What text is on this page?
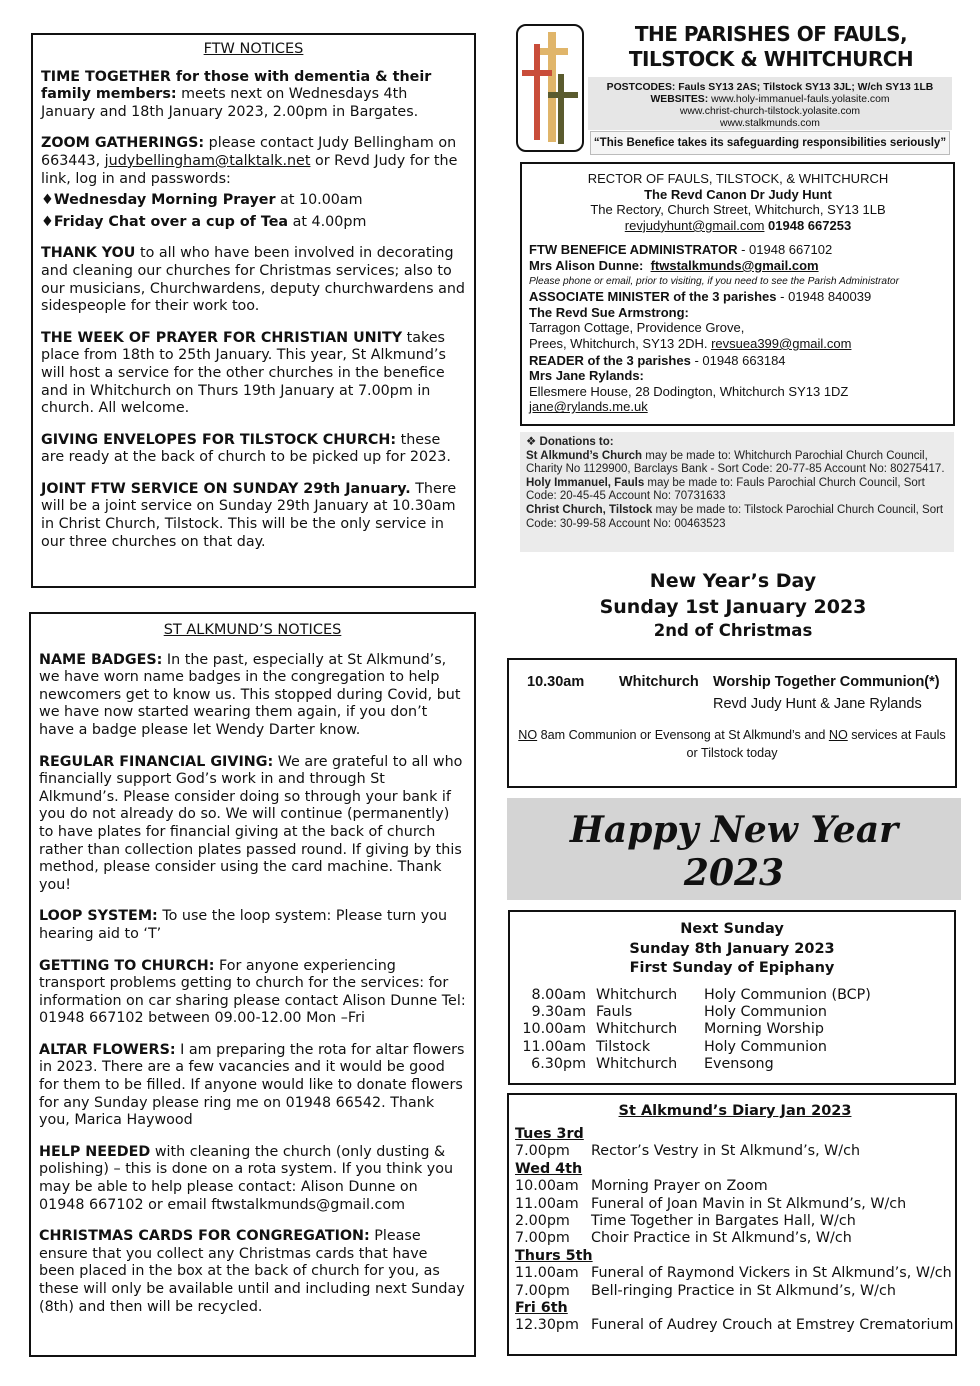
THE PARISHES OF FAULS,
TILSTOCK & WHITCHURCH
POSTCODES: Fauls SY13 2AS; Tilstock SY13 3JL; W/ch SY13 1LB
WEBSITES: www.holy-immanuel-fauls.yolasite.com
www.christ-church-tilstock.yolasite.com
www.stalkmunds.com
“This Benefice takes its safeguarding responsibilities seriously”
FTW NOTICES

TIME TOGETHER for those with dementia & their family members: meets next on Wednesdays 4th January and 18th January 2023, 2.00pm in Bargates.

ZOOM GATHERINGS: please contact Judy Bellingham on 663443, judybellingham@talktalk.net or Revd Judy for the link, log in and passwords:

♦Wednesday Morning Prayer at 10.00am
♦Friday Chat over a cup of Tea at 4.00pm

THANK YOU to all who have been involved in decorating and cleaning our churches for Christmas services; also to our musicians, Churchwardens, deputy churchwardens and sidespeople for their work too.

THE WEEK OF PRAYER FOR CHRISTIAN UNITY takes place from 18th to 25th January. This year, St Alkmund’s will host a service for the other churches in the benefice and in Whitchurch on Thurs 19th January at 7.00pm in church. All welcome.

GIVING ENVELOPES FOR TILSTOCK CHURCH: these are ready at the back of church to be picked up for 2023.

JOINT FTW SERVICE ON SUNDAY 29th January. There will be a joint service on Sunday 29th January at 10.30am in Christ Church, Tilstock. This will be the only service in our three churches on that day.

ST ALKMUND’S NOTICES

NAME BADGES: In the past, especially at St Alkmund’s, we have worn name badges in the congregation to help newcomers get to know us. This stopped during Covid, but we have now started wearing them again, if you don’t have a badge please let Wendy Darter know.

REGULAR FINANCIAL GIVING: We are grateful to all who financially support God’s work in and through St Alkmund’s. Please consider doing so through your bank if you do not already do so. We will continue (permanently) to have plates for financial giving at the back of church rather than collection plates passed round. If giving by this method, please consider using the card machine. Thank you!

LOOP SYSTEM: To use the loop system: Please turn you hearing aid to ‘T’

GETTING TO CHURCH: For anyone experiencing transport problems getting to church for the services: for information on car sharing please contact Alison Dunne Tel: 01948 667102 between 09.00-12.00 Mon –Fri

ALTAR FLOWERS: I am preparing the rota for altar flowers in 2023. There are a few vacancies and it would be good for them to be filled. If anyone would like to donate flowers for any Sunday please ring me on 01948 66542. Thank you, Marica Haywood

HELP NEEDED with cleaning the church (only dusting & polishing) – this is done on a rota system. If you think you may be able to help please contact: Alison Dunne on 01948 667102 or email ftwstalkmunds@gmail.com

CHRISTMAS CARDS FOR CONGREGATION: Please ensure that you collect any Christmas cards that have been placed in the box at the back of church for you, as these will only be available until and including next Sunday (8th) and then will be recycled.

RECTOR OF FAULS, TILSTOCK, & WHITCHURCH

The Revd Canon Dr Judy Hunt

The Rectory, Church Street, Whitchurch, SY13 1LB

revjudyhunt@gmail.com 01948 667253

FTW BENEFICE ADMINISTRATOR - 01948 667102

Mrs Alison Dunne: ftwstalkmunds@gmail.com

Please phone or email, prior to visiting, if you need to see the Parish Administrator

ASSOCIATE MINISTER of the 3 parishes - 01948 840039

The Revd Sue Armstrong:

Tarragon Cottage, Providence Grove,

Prees, Whitchurch, SY13 2DH. revsuea399@gmail.com

READER of the 3 parishes - 01948 663184

Mrs Jane Rylands:

Ellesmere House, 28 Dodington, Whitchurch SY13 1DZ

jane@rylands.me.uk

❖ Donations to:

St Alkmund’s Church may be made to: Whitchurch Parochial Church Council, Charity No 1129900, Barclays Bank - Sort Code: 20-77-85 Account No: 80275417.

Holy Immanuel, Fauls may be made to: Fauls Parochial Church Council, Sort Code: 20-45-45 Account No: 70731633

Christ Church, Tilstock may be made to: Tilstock Parochial Church Council, Sort Code: 30-99-58 Account No: 00463523

New Year’s Day
Sunday 1st January 2023
2nd of Christmas
10.30am Whitchurch Worship Together Communion(*)
Revd Judy Hunt & Jane Rylands
NO 8am Communion or Evensong at St Alkmund’s and NO services at Fauls or Tilstock today
Happy New Year
2023
Next Sunday
Sunday 8th January 2023
First Sunday of Epiphany
8.00am	Whitchurch	Holy Communion (BCP)
9.30am	Fauls	Holy Communion
10.00am	Whitchurch	Morning Worship
11.00am	Tilstock	Holy Communion
6.30pm	Whitchurch	Evensong
St Alkmund’s Diary Jan 2023
Tues 3rd
7.00pm Rector’s Vestry in St Alkmund’s, W/ch
Wed 4th
10.00am Morning Prayer on Zoom
11.00am Funeral of Joan Mavin in St Alkmund’s, W/ch
2.00pm Time Together in Bargates Hall, W/ch
7.00pm Choir Practice in St Alkmund’s, W/ch
Thurs 5th
11.00am Funeral of Raymond Vickers in St Alkmund’s, W/ch
7.00pm Bell-ringing Practice in St Alkmund’s, W/ch
Fri 6th
12.30pm Funeral of Audrey Crouch at Emstrey Crematorium
